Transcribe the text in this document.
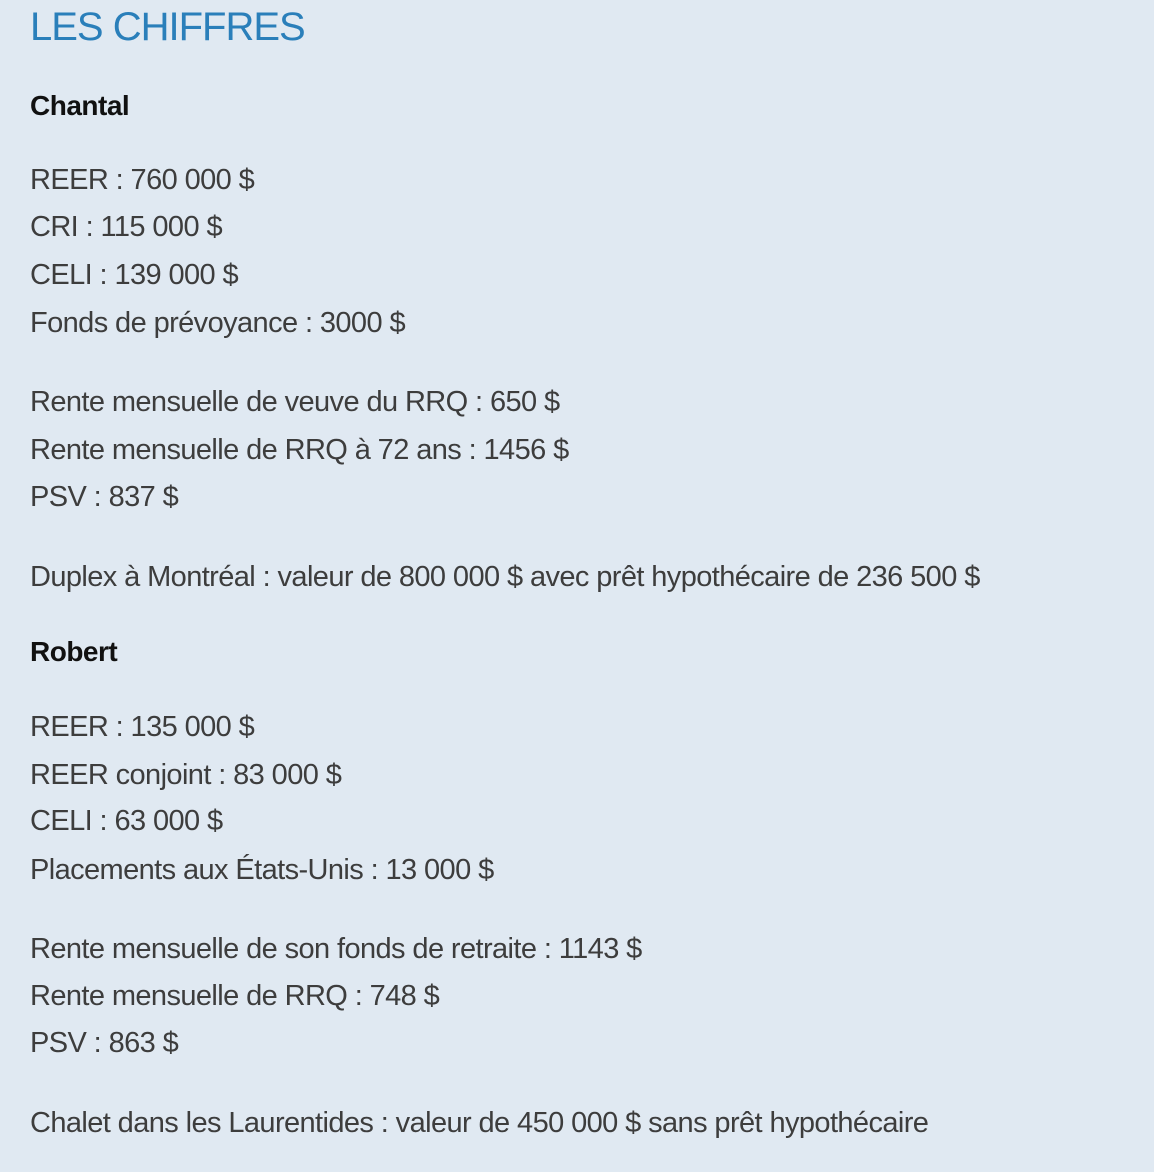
LES CHIFFRES
Chantal

REER : 760 000 $

CRI : 115 000 $

CELI : 139 000 $

Fonds de prévoyance : 3000 $

Rente mensuelle de veuve du RRQ : 650 $

Rente mensuelle de RRQ à 72 ans : 1456 $

PSV : 837 $

Duplex à Montréal : valeur de 800 000 $ avec prêt hypothécaire de 236 500 $

Robert

REER : 135 000 $

REER conjoint : 83 000 $

CELI : 63 000 $

Placements aux États-Unis : 13 000 $

Rente mensuelle de son fonds de retraite : 1143 $

Rente mensuelle de RRQ : 748 $

PSV : 863 $

Chalet dans les Laurentides : valeur de 450 000 $ sans prêt hypothécaire
